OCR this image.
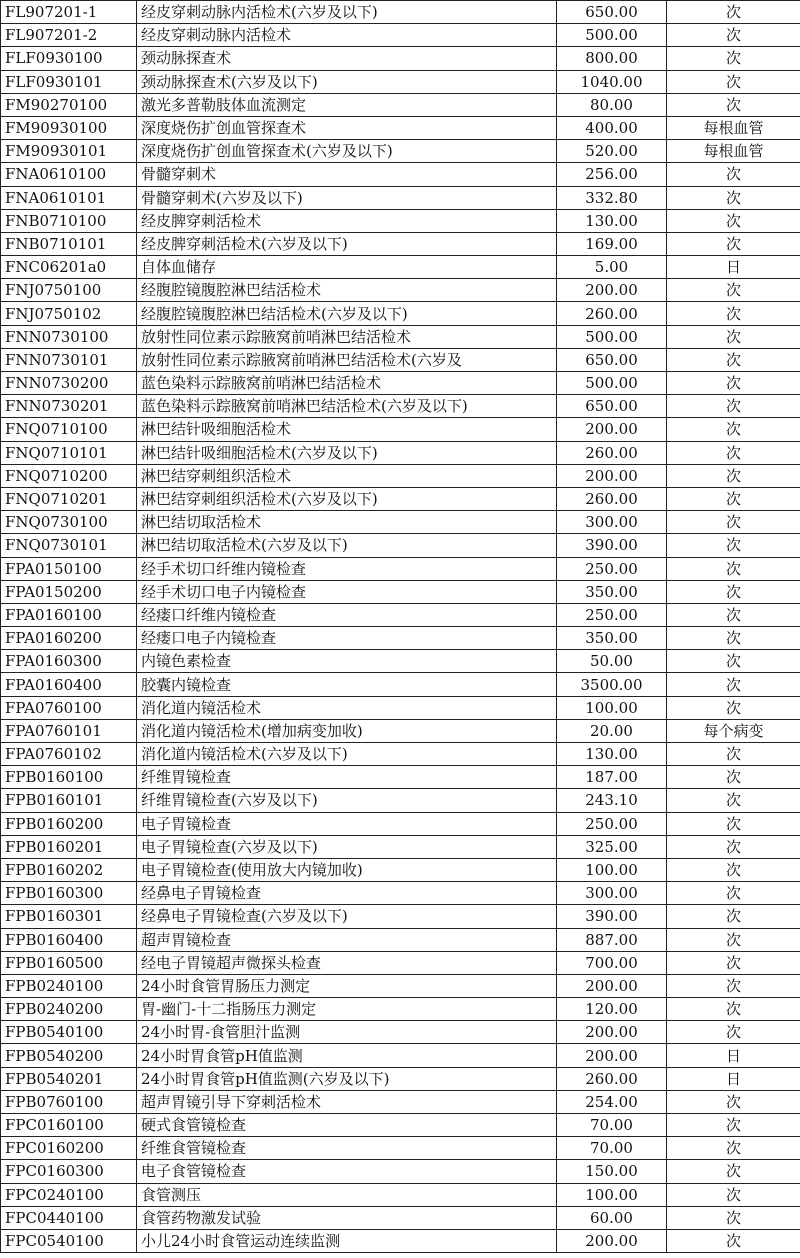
FL907201-1	经皮穿刺动脉内活检术(六岁及以下)	650.00	次
FL907201-2	经皮穿刺动脉内活检术	500.00	次
FLF0930100	颈动脉探查术	800.00	次
FLF0930101	颈动脉探查术(六岁及以下)	1040.00	次
FM90270100	激光多普勒肢体血流测定	80.00	次
FM90930100	深度烧伤扩创血管探查术	400.00	每根血管
FM90930101	深度烧伤扩创血管探查术(六岁及以下)	520.00	每根血管
FNA0610100	骨髓穿刺术	256.00	次
FNA0610101	骨髓穿刺术(六岁及以下)	332.80	次
FNB0710100	经皮脾穿刺活检术	130.00	次
FNB0710101	经皮脾穿刺活检术(六岁及以下)	169.00	次
FNC06201a0	自体血储存	5.00	日
FNJ0750100	经腹腔镜腹腔淋巴结活检术	200.00	次
FNJ0750102	经腹腔镜腹腔淋巴结活检术(六岁及以下)	260.00	次
FNN0730100	放射性同位素示踪腋窝前哨淋巴结活检术	500.00	次
FNN0730101	放射性同位素示踪腋窝前哨淋巴结活检术(六岁及	650.00	次
FNN0730200	蓝色染料示踪腋窝前哨淋巴结活检术	500.00	次
FNN0730201	蓝色染料示踪腋窝前哨淋巴结活检术(六岁及以下)	650.00	次
FNQ0710100	淋巴结针吸细胞活检术	200.00	次
FNQ0710101	淋巴结针吸细胞活检术(六岁及以下)	260.00	次
FNQ0710200	淋巴结穿刺组织活检术	200.00	次
FNQ0710201	淋巴结穿刺组织活检术(六岁及以下)	260.00	次
FNQ0730100	淋巴结切取活检术	300.00	次
FNQ0730101	淋巴结切取活检术(六岁及以下)	390.00	次
FPA0150100	经手术切口纤维内镜检查	250.00	次
FPA0150200	经手术切口电子内镜检查	350.00	次
FPA0160100	经瘘口纤维内镜检查	250.00	次
FPA0160200	经瘘口电子内镜检查	350.00	次
FPA0160300	内镜色素检查	50.00	次
FPA0160400	胶囊内镜检查	3500.00	次
FPA0760100	消化道内镜活检术	100.00	次
FPA0760101	消化道内镜活检术(增加病变加收)	20.00	每个病变
FPA0760102	消化道内镜活检术(六岁及以下)	130.00	次
FPB0160100	纤维胃镜检查	187.00	次
FPB0160101	纤维胃镜检查(六岁及以下)	243.10	次
FPB0160200	电子胃镜检查	250.00	次
FPB0160201	电子胃镜检查(六岁及以下)	325.00	次
FPB0160202	电子胃镜检查(使用放大内镜加收)	100.00	次
FPB0160300	经鼻电子胃镜检查	300.00	次
FPB0160301	经鼻电子胃镜检查(六岁及以下)	390.00	次
FPB0160400	超声胃镜检查	887.00	次
FPB0160500	经电子胃镜超声微探头检查	700.00	次
FPB0240100	24小时食管胃肠压力测定	200.00	次
FPB0240200	胃-幽门-十二指肠压力测定	120.00	次
FPB0540100	24小时胃-食管胆汁监测	200.00	次
FPB0540200	24小时胃食管pH值监测	200.00	日
FPB0540201	24小时胃食管pH值监测(六岁及以下)	260.00	日
FPB0760100	超声胃镜引导下穿刺活检术	254.00	次
FPC0160100	硬式食管镜检查	70.00	次
FPC0160200	纤维食管镜检查	70.00	次
FPC0160300	电子食管镜检查	150.00	次
FPC0240100	食管测压	100.00	次
FPC0440100	食管药物激发试验	60.00	次
FPC0540100	小儿24小时食管运动连续监测	200.00	次
